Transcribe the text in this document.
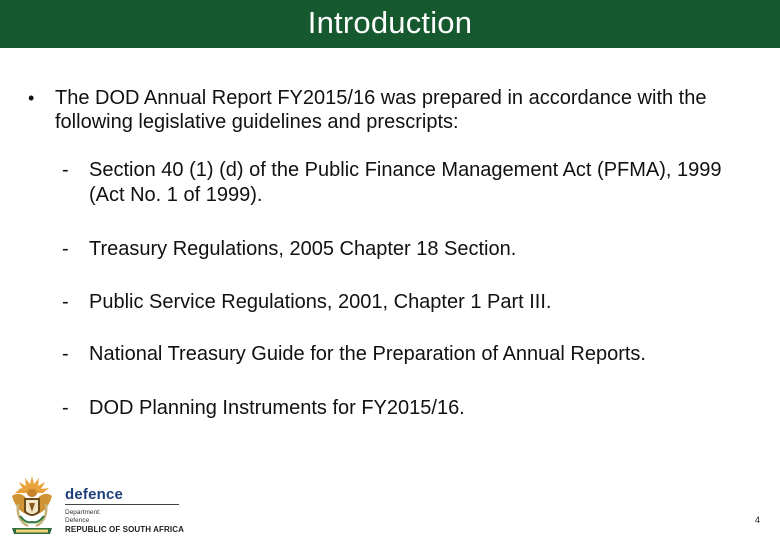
Introduction
• The DOD Annual Report FY2015/16 was prepared in accordance with the following legislative guidelines and prescripts:
- Section 40 (1) (d) of the Public Finance Management Act (PFMA), 1999 (Act No. 1 of 1999).
- Treasury Regulations, 2005 Chapter 18 Section.
- Public Service Regulations, 2001, Chapter 1 Part III.
- National Treasury Guide for the Preparation of Annual Reports.
- DOD Planning Instruments for FY2015/16.
defence
Department:
Defence
REPUBLIC OF SOUTH AFRICA
4
